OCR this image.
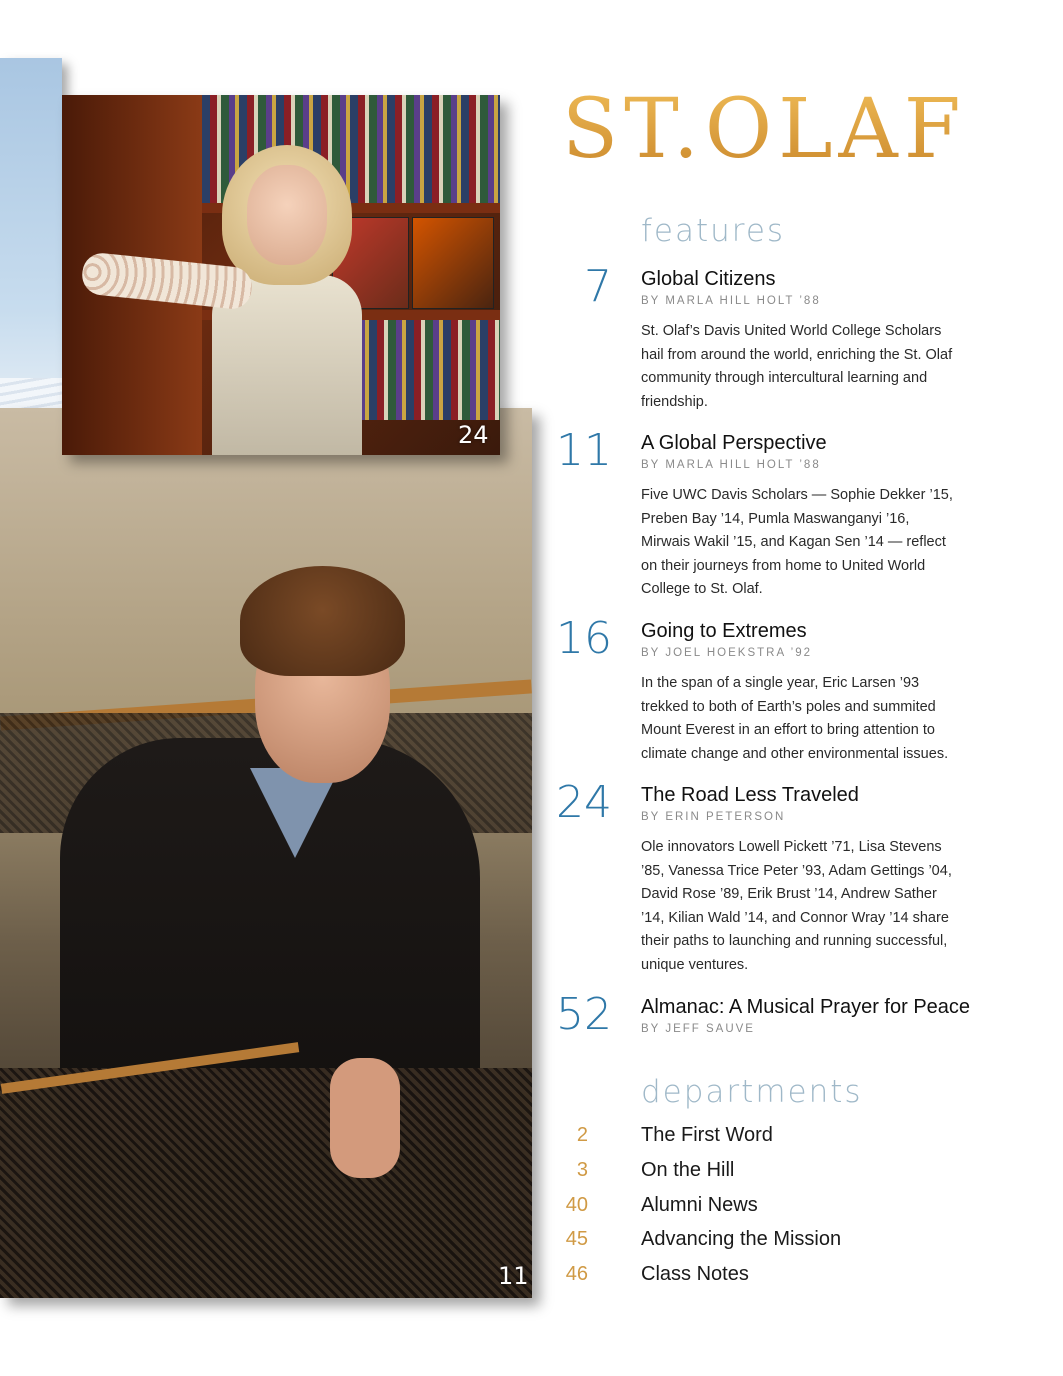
11
24
ST.OLAF
features
7 Global Citizens
BY MARLA HILL HOLT ’88
St. Olaf’s Davis United World College Scholars hail from around the world, enriching the St. Olaf community through intercultural learning and friendship.
11 A Global Perspective
BY MARLA HILL HOLT ’88
Five UWC Davis Scholars — Sophie Dekker ’15, Preben Bay ’14, Pumla Maswanganyi ’16, Mirwais Wakil ’15, and Kagan Sen ’14 — reflect on their journeys from home to United World College to St. Olaf.
16 Going to Extremes
BY JOEL HOEKSTRA ’92
In the span of a single year, Eric Larsen ’93 trekked to both of Earth’s poles and summited Mount Everest in an effort to bring attention to climate change and other environmental issues.
24 The Road Less Traveled
BY ERIN PETERSON
Ole innovators Lowell Pickett ’71, Lisa Stevens ’85, Vanessa Trice Peter ’93, Adam Gettings ’04, David Rose ’89, Erik Brust ’14, Andrew Sather ’14, Kilian Wald ’14, and Connor Wray ’14 share their paths to launching and running successful, unique ventures.
52 Almanac: A Musical Prayer for Peace
BY JEFF SAUVE
departments
2	The First Word
3	On the Hill
40	Alumni News
45	Advancing the Mission
46	Class Notes
